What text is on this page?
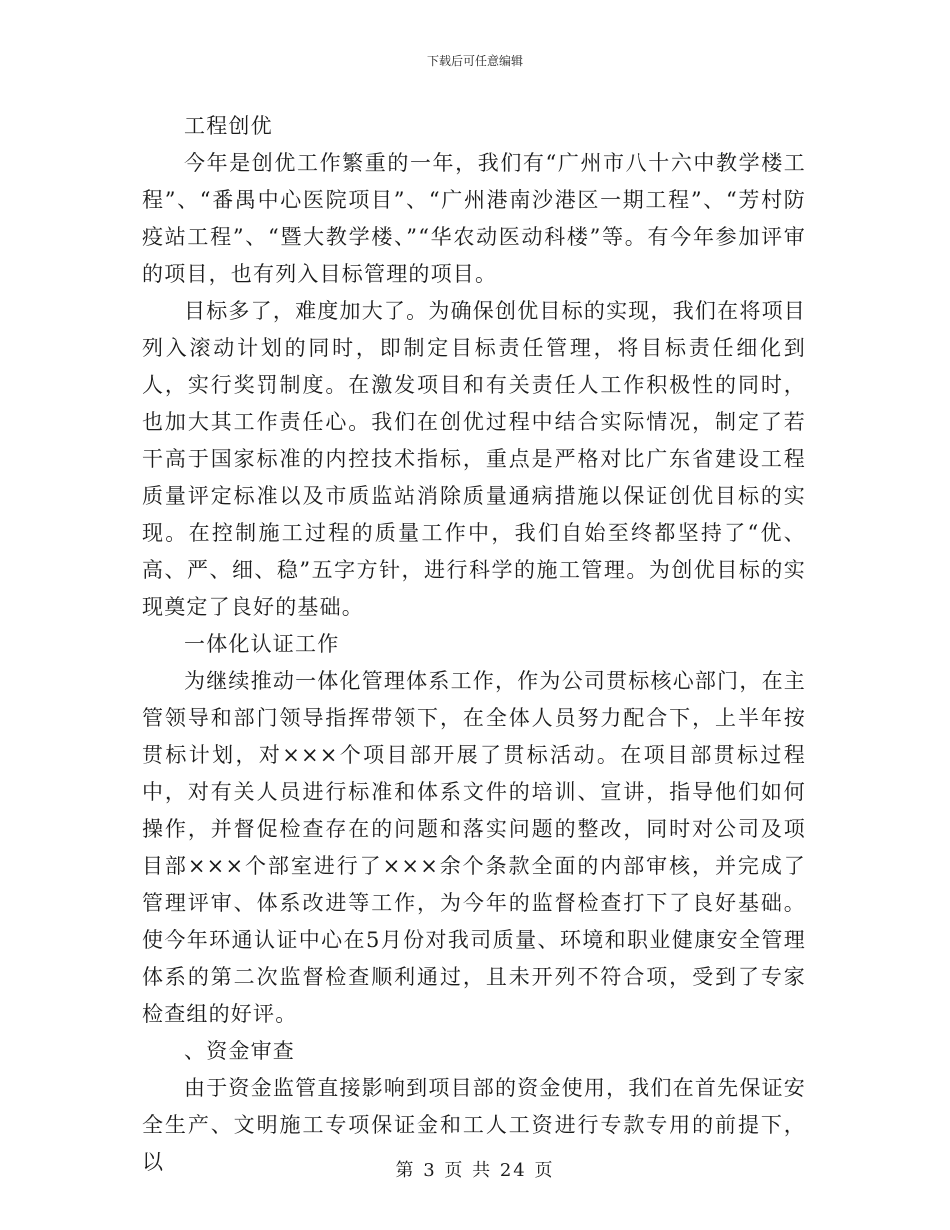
下载后可任意编辑

工程创优

今年是创优工作繁重的一年，我们有“广州市八十六中教学楼工程”、“番禺中心医院项目”、“广州港南沙港区一期工程”、“芳村防疫站工程”、“暨大教学楼、”“华农动医动科楼”等。有今年参加评审的项目，也有列入目标管理的项目。

目标多了，难度加大了。为确保创优目标的实现，我们在将项目列入滚动计划的同时，即制定目标责任管理，将目标责任细化到人，实行奖罚制度。在激发项目和有关责任人工作积极性的同时，也加大其工作责任心。我们在创优过程中结合实际情况，制定了若干高于国家标准的内控技术指标，重点是严格对比广东省建设工程质量评定标准以及市质监站消除质量通病措施以保证创优目标的实现。在控制施工过程的质量工作中，我们自始至终都坚持了“优、高、严、细、稳”五字方针，进行科学的施工管理。为创优目标的实现奠定了良好的基础。

一体化认证工作

为继续推动一体化管理体系工作，作为公司贯标核心部门，在主管领导和部门领导指挥带领下，在全体人员努力配合下，上半年按贯标计划，对×××个项目部开展了贯标活动。在项目部贯标过程中，对有关人员进行标准和体系文件的培训、宣讲，指导他们如何操作，并督促检查存在的问题和落实问题的整改，同时对公司及项目部×××个部室进行了×××余个条款全面的内部审核，并完成了管理评审、体系改进等工作，为今年的监督检查打下了良好基础。使今年环通认证中心在5月份对我司质量、环境和职业健康安全管理体系的第二次监督检查顺利通过，且未开列不符合项，受到了专家检查组的好评。

、资金审查

由于资金监管直接影响到项目部的资金使用，我们在首先保证安全生产、文明施工专项保证金和工人工资进行专款专用的前提下，以	第 3 页 共 24 页
